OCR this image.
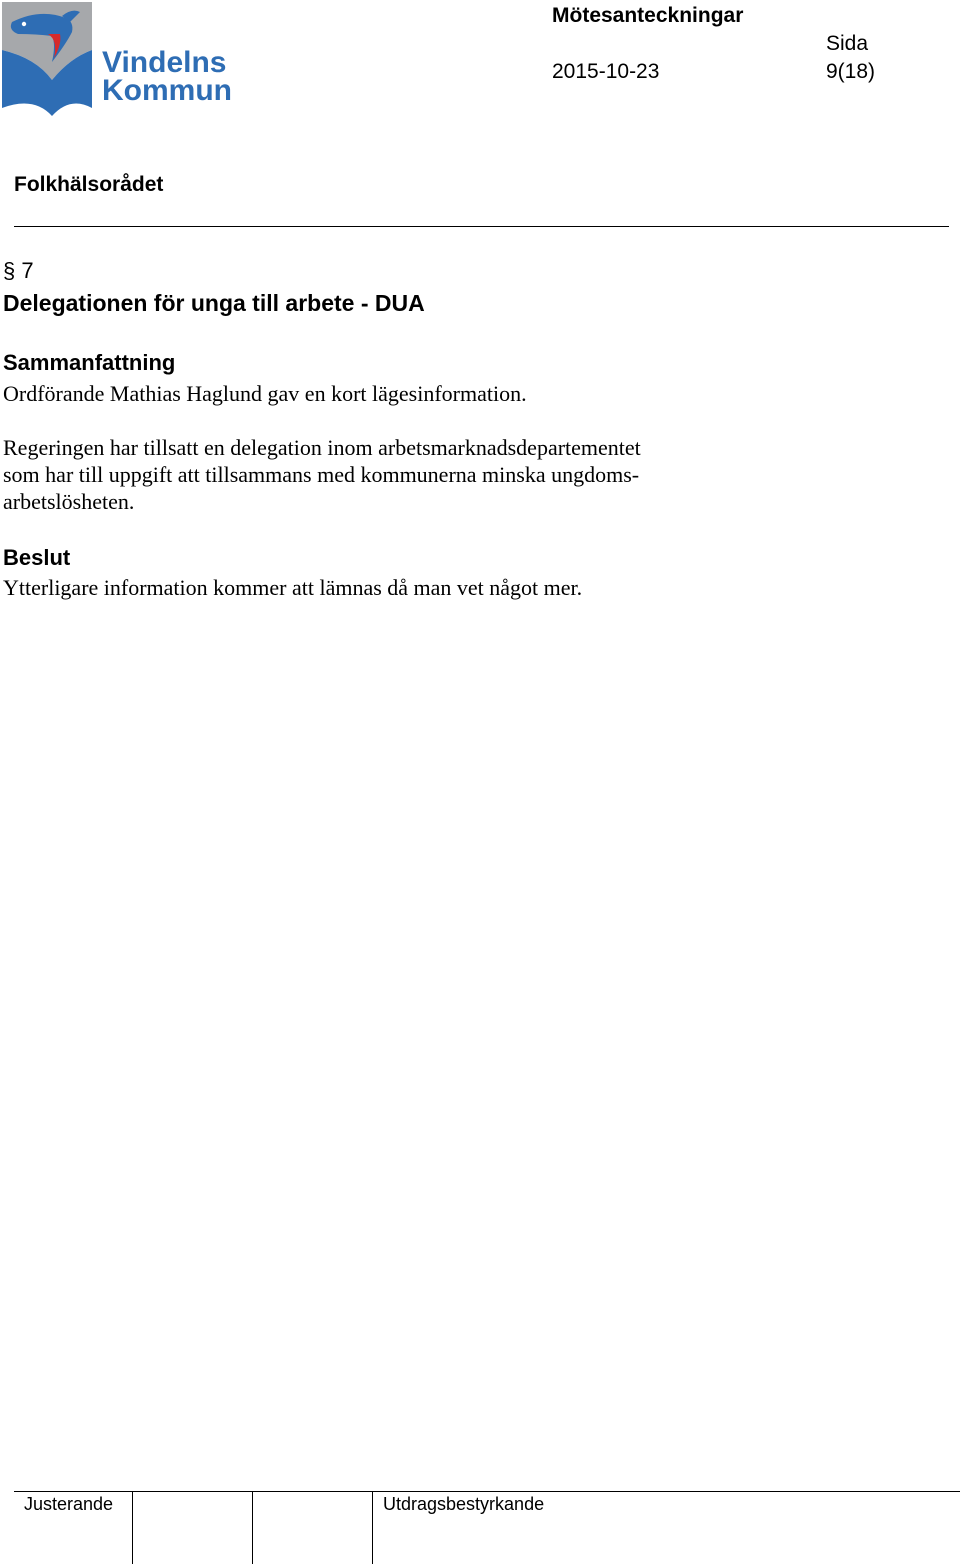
Vindelns
Kommun
Mötesanteckningar
2015-10-23
Sida
9(18)
Folkhälsorådet
§ 7
Delegationen för unga till arbete - DUA
Sammanfattning
Ordförande Mathias Haglund gav en kort lägesinformation.
Regeringen har tillsatt en delegation inom arbetsmarknadsdepartementet
som har till uppgift att tillsammans med kommunerna minska ungdoms-
arbetslösheten.
Beslut
Ytterligare information kommer att lämnas då man vet något mer.
Justerande	Utdragsbestyrkande
